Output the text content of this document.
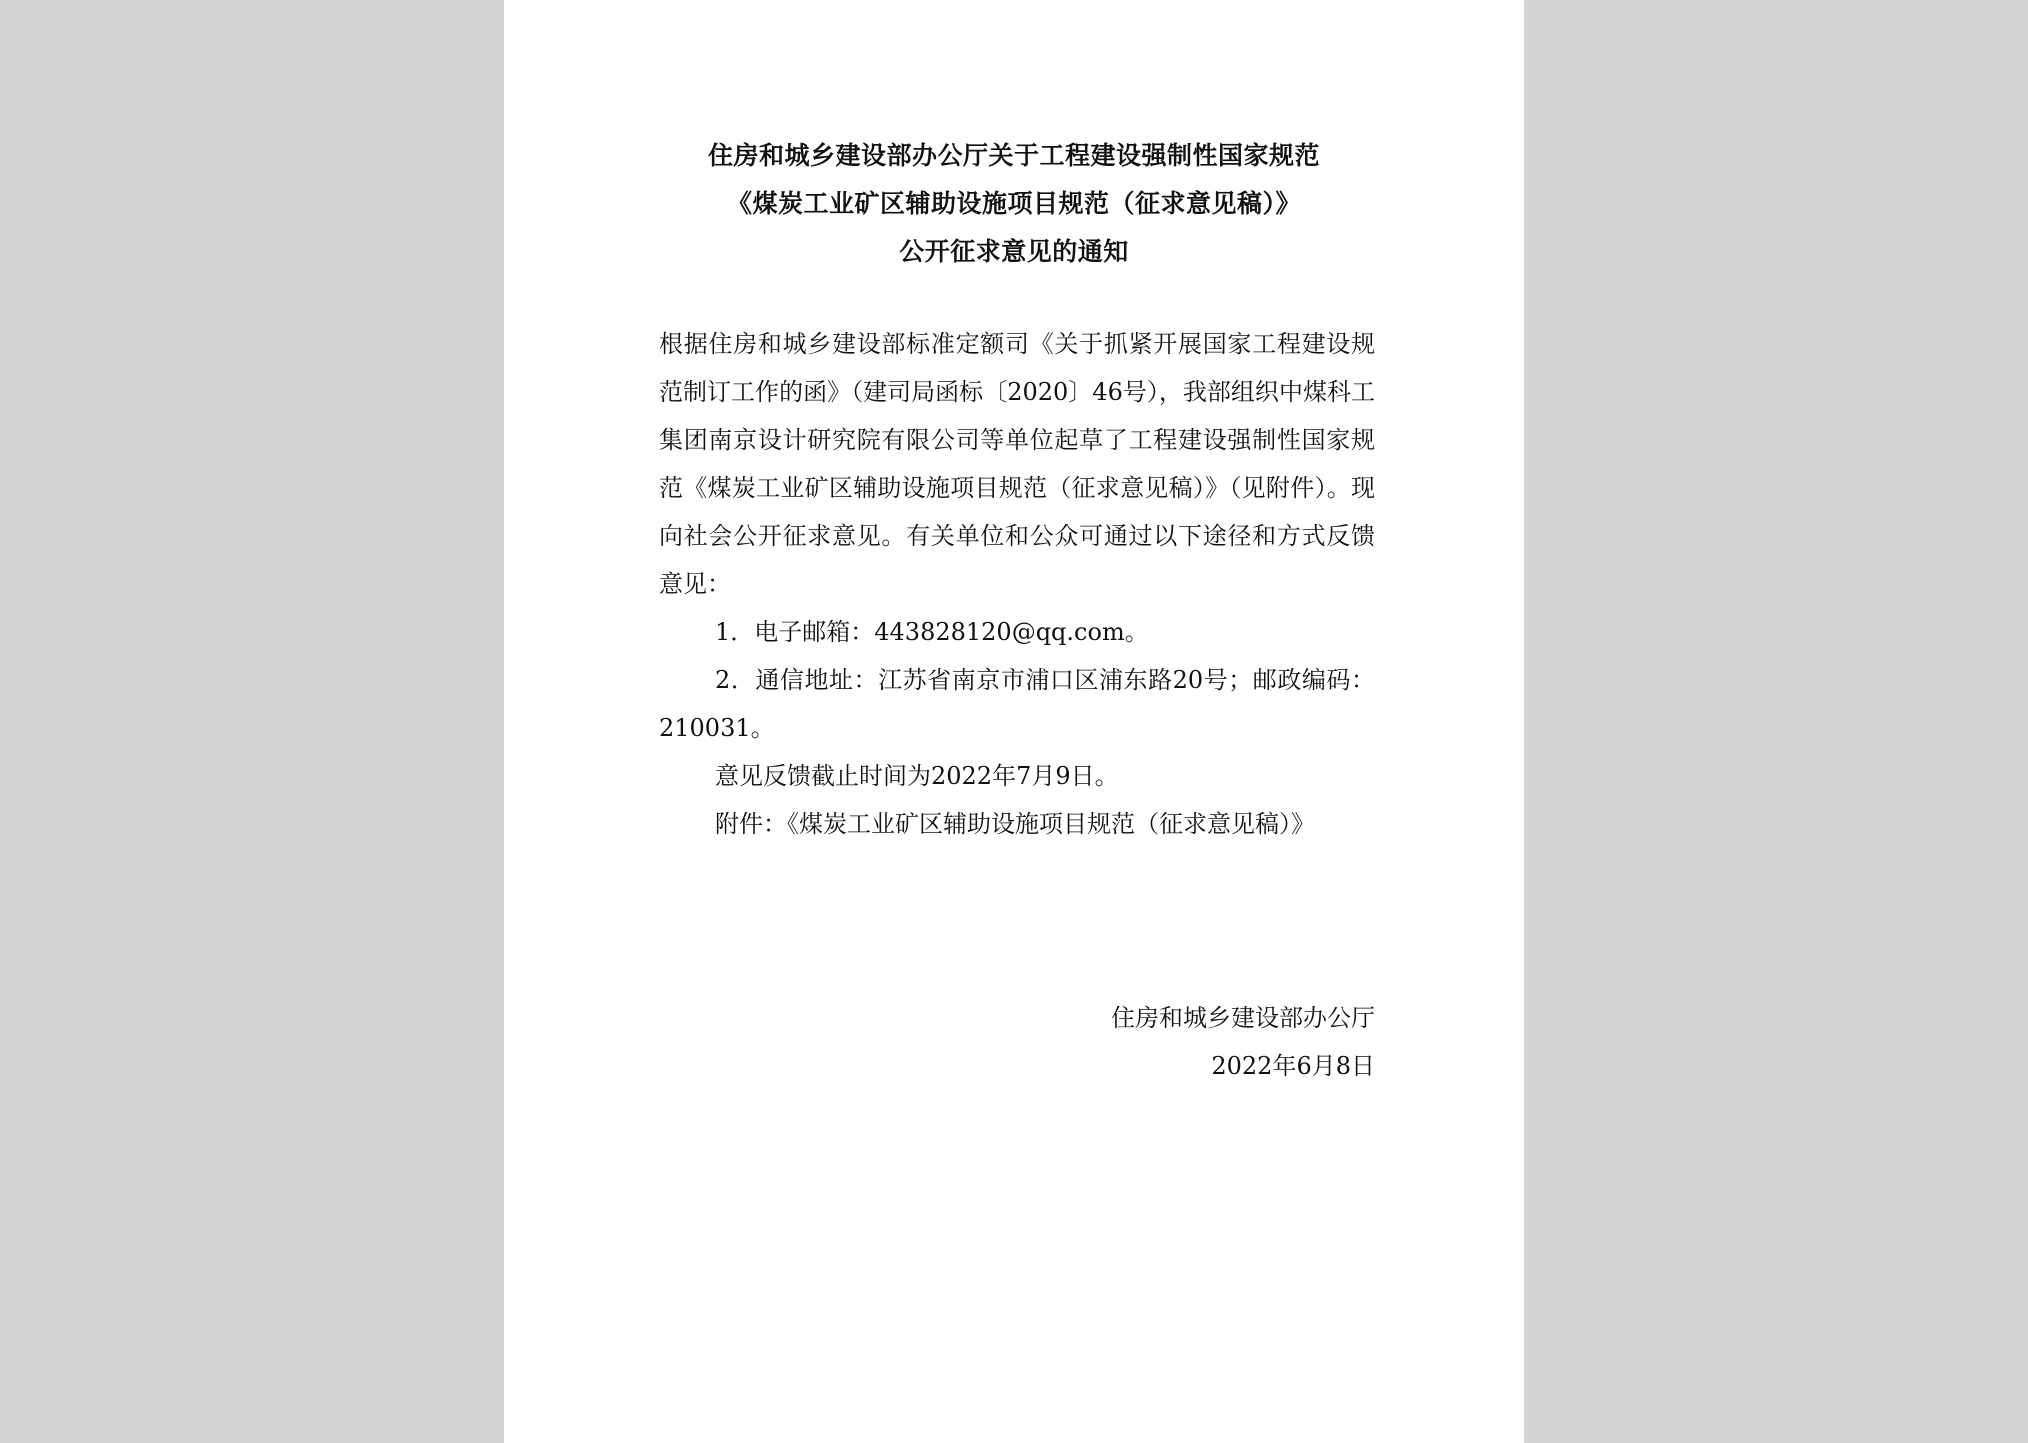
住房和城乡建设部办公厅关于工程建设强制性国家规范
《煤炭工业矿区辅助设施项目规范（征求意见稿）》
公开征求意见的通知

根据住房和城乡建设部标准定额司《关于抓紧开展国家工程建设规范制订工作的函》（建司局函标〔2020〕46号），我部组织中煤科工集团南京设计研究院有限公司等单位起草了工程建设强制性国家规范《煤炭工业矿区辅助设施项目规范（征求意见稿）》（见附件）。现向社会公开征求意见。有关单位和公众可通过以下途径和方式反馈意见：

1．电子邮箱：443828120@qq.com。

2．通信地址：江苏省南京市浦口区浦东路20号；邮政编码：210031。

意见反馈截止时间为2022年7月9日。

附件：《煤炭工业矿区辅助设施项目规范（征求意见稿）》

住房和城乡建设部办公厅
2022年6月8日
